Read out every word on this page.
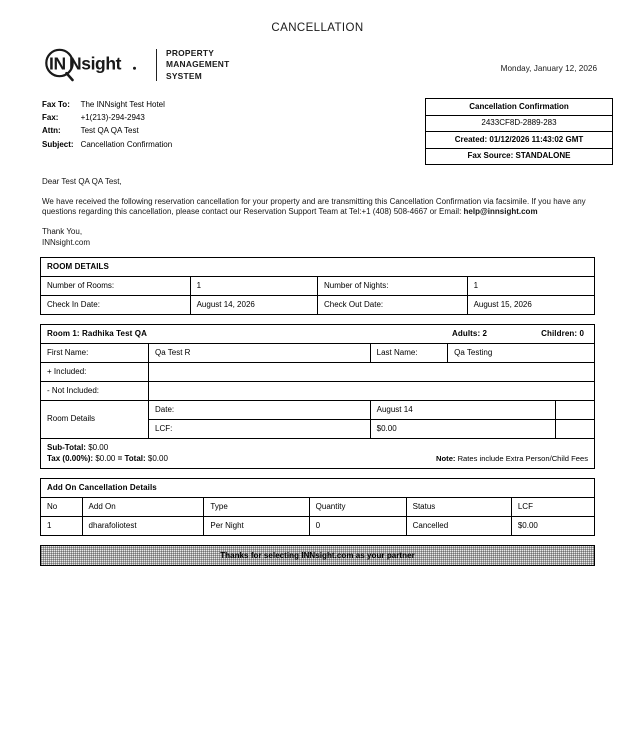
CANCELLATION
IN Nsight
PROPERTY
MANAGEMENT
SYSTEM
Monday, January 12, 2026
Fax To:	The INNsight Test Hotel
Fax:	+1(213)-294-2943
Attn:	Test QA QA Test
Subject:	Cancellation Confirmation
Cancellation Confirmation
2433CF8D-2889-283
Created: 01/12/2026 11:43:02 GMT
Fax Source: STANDALONE

Dear Test QA QA Test,

We have received the following reservation cancellation for your property and are transmitting this Cancellation Confirmation via facsimile. If you have any questions regarding this cancellation, please contact our Reservation Support Team at Tel:+1 (408) 508-4667 or Email: help@innsight.com

Thank You,
INNsight.com

ROOM DETAILS			
Number of Rooms:	1	Number of Nights:	1
Check In Date:	August 14, 2026	Check Out Date:	August 15, 2026
Room 1: Radhika Test QA Adults: 2 Children: 0				

First Name:	Qa Test R	Last Name:	Qa Testing	
+ Included:				
- Not Included:				
Room Details	Date:	August 14		
	LCF:	$0.00		

Sub-Total: $0.00
Tax (0.00%): $0.00 = Total: $0.00 Note: Rates include Extra Person/Child Fees				
Add On Cancellation Details					
No	Add On	Type	Quantity	Status	LCF
1	dharafoliotest	Per Night	0	Cancelled	$0.00
Thanks for selecting INNsight.com as your partner
